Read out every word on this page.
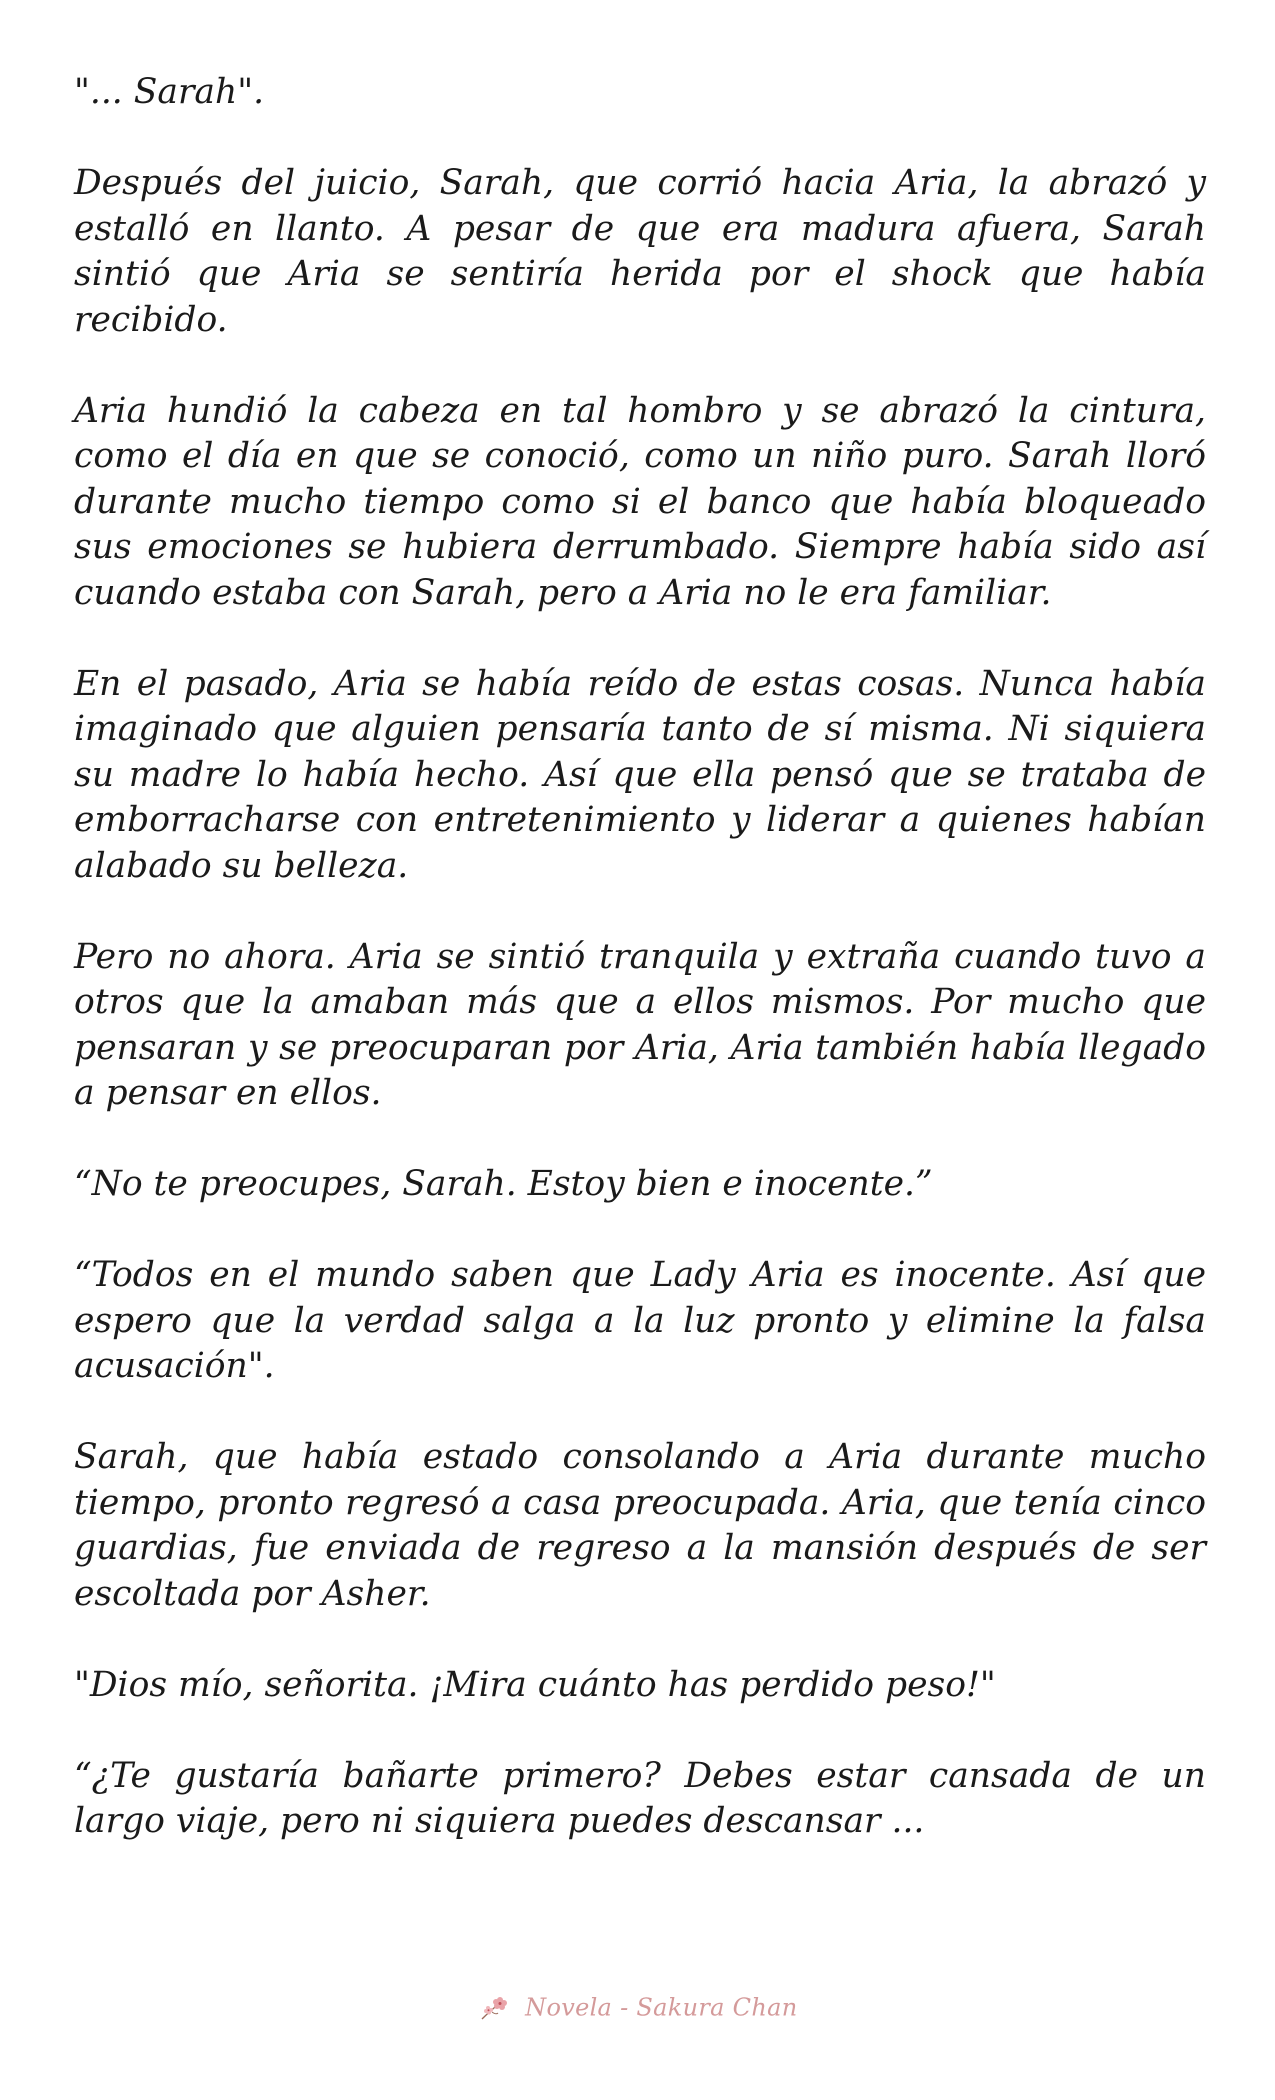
"... Sarah".

Después del juicio, Sarah, que corrió hacia Aria, la abrazó y estalló en llanto. A pesar de que era madura afuera, Sarah sintió que Aria se sentiría herida por el shock que había recibido.

Aria hundió la cabeza en tal hombro y se abrazó la cintura, como el día en que se conoció, como un niño puro. Sarah lloró durante mucho tiempo como si el banco que había bloqueado sus emociones se hubiera derrumbado. Siempre había sido así cuando estaba con Sarah, pero a Aria no le era familiar.

En el pasado, Aria se había reído de estas cosas. Nunca había imaginado que alguien pensaría tanto de sí misma. Ni siquiera su madre lo había hecho. Así que ella pensó que se trataba de emborracharse con entretenimiento y liderar a quienes habían alabado su belleza.

Pero no ahora. Aria se sintió tranquila y extraña cuando tuvo a otros que la amaban más que a ellos mismos. Por mucho que pensaran y se preocuparan por Aria, Aria también había llegado a pensar en ellos.

“No te preocupes, Sarah. Estoy bien e inocente.”

“Todos en el mundo saben que Lady Aria es inocente. Así que espero que la verdad salga a la luz pronto y elimine la falsa acusación".

Sarah, que había estado consolando a Aria durante mucho tiempo, pronto regresó a casa preocupada. Aria, que tenía cinco guardias, fue enviada de regreso a la mansión después de ser escoltada por Asher.

"Dios mío, señorita. ¡Mira cuánto has perdido peso!"

“¿Te gustaría bañarte primero? Debes estar cansada de un largo viaje, pero ni siquiera puedes descansar ...

Novela - Sakura Chan
